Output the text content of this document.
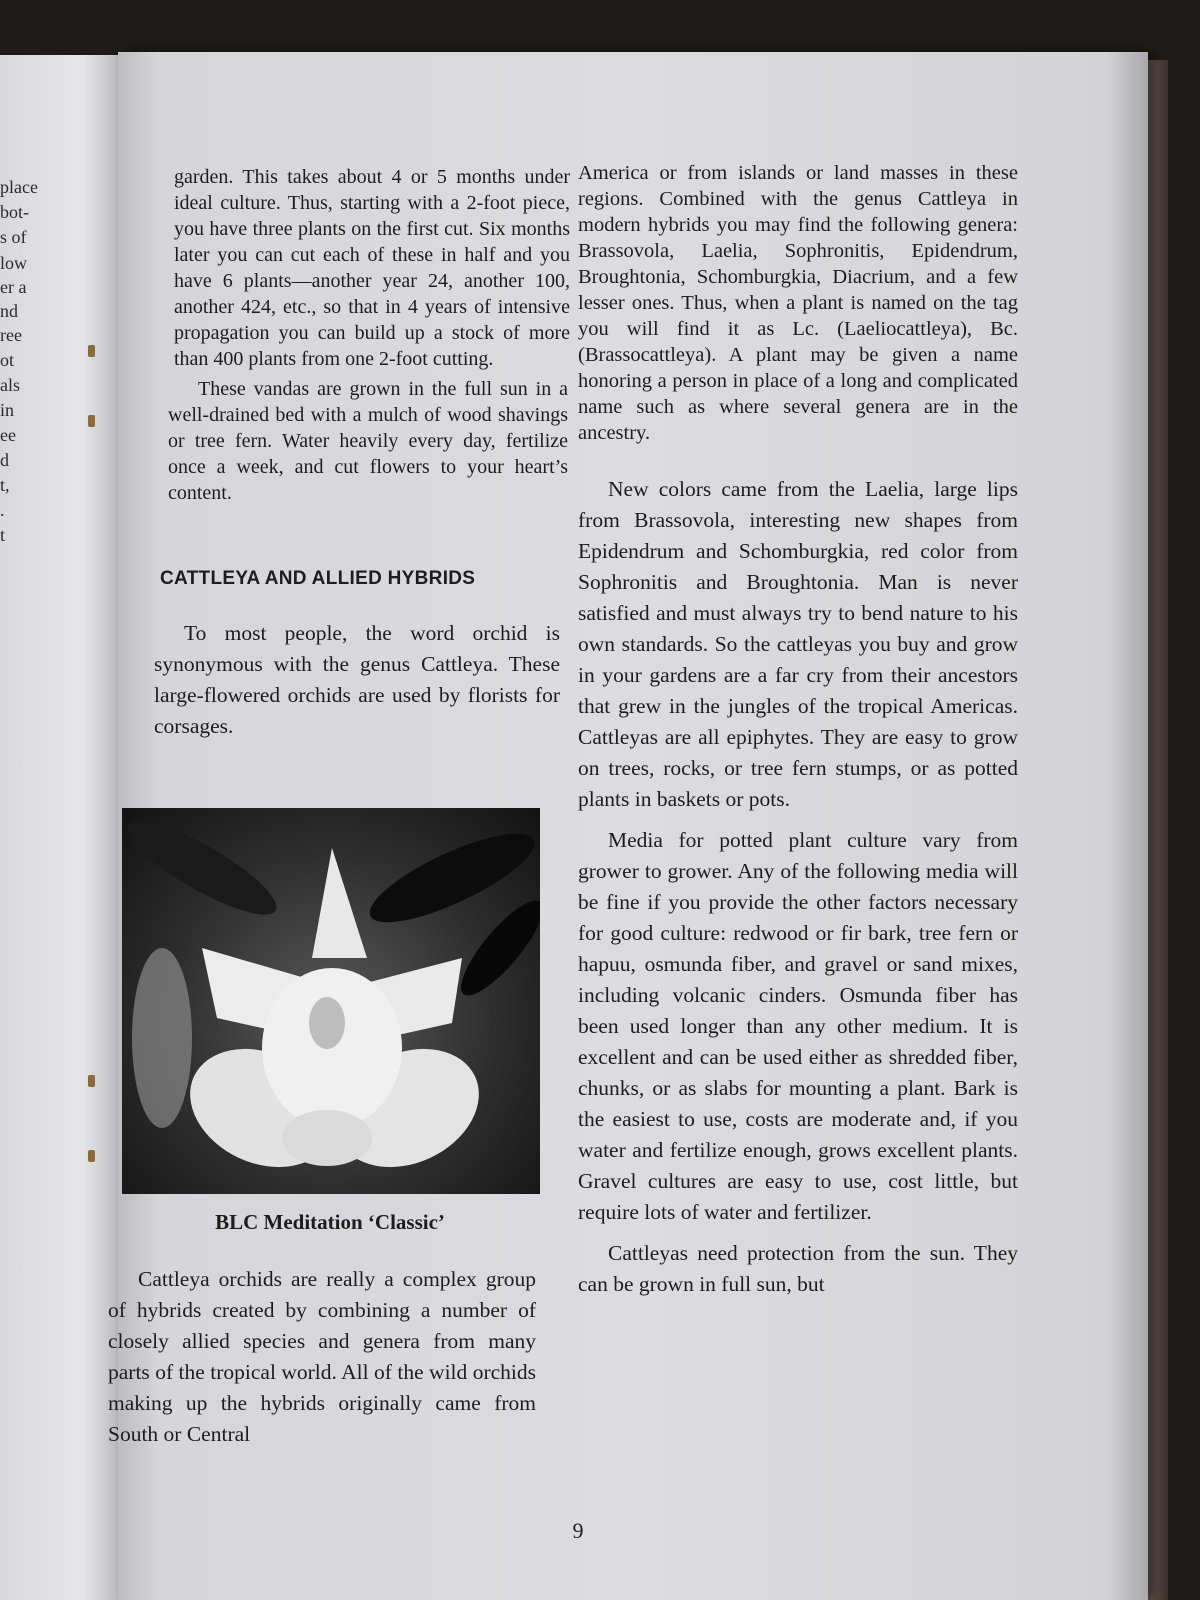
place
bot-
s of
low
er a
nd
ree
ot
als
in
ee
d
t,
.
t

garden. This takes about 4 or 5 months under ideal culture. Thus, starting with a 2-foot piece, you have three plants on the first cut. Six months later you can cut each of these in half and you have 6 plants—another year 24, another 100, another 424, etc., so that in 4 years of intensive propagation you can build up a stock of more than 400 plants from one 2-foot cutting.

These vandas are grown in the full sun in a well-drained bed with a mulch of wood shavings or tree fern. Water heavily every day, fertilize once a week, and cut flowers to your heart’s content.

CATTLEYA AND ALLIED HYBRIDS

To most people, the word orchid is synonymous with the genus Cattleya. These large-flowered orchids are used by florists for corsages.

America or from islands or land masses in these regions. Combined with the genus Cattleya in modern hybrids you may find the following genera: Brassovola, Laelia, Sophronitis, Epidendrum, Broughtonia, Schomburgkia, Diacrium, and a few lesser ones. Thus, when a plant is named on the tag you will find it as Lc. (Laeliocattleya), Bc. (Brassocattleya). A plant may be given a name honoring a person in place of a long and complicated name such as where several genera are in the ancestry.

New colors came from the Laelia, large lips from Brassovola, interesting new shapes from Epidendrum and Schomburgkia, red color from Sophronitis and Broughtonia. Man is never satisfied and must always try to bend nature to his own standards. So the cattleyas you buy and grow in your gardens are a far cry from their ancestors that grew in the jungles of the tropical Americas. Cattleyas are all epiphytes. They are easy to grow on trees, rocks, or tree fern stumps, or as potted plants in baskets or pots.

Media for potted plant culture vary from grower to grower. Any of the following media will be fine if you provide the other factors necessary for good culture: redwood or fir bark, tree fern or hapuu, osmunda fiber, and gravel or sand mixes, including volcanic cinders. Osmunda fiber has been used longer than any other medium. It is excellent and can be used either as shredded fiber, chunks, or as slabs for mounting a plant. Bark is the easiest to use, costs are moderate and, if you water and fertilize enough, grows excellent plants. Gravel cultures are easy to use, cost little, but require lots of water and fertilizer.

Cattleyas need protection from the sun. They can be grown in full sun, but

Cattleya orchids are really a complex group of hybrids created by combining a number of closely allied species and genera from many parts of the tropical world. All of the wild orchids making up the hybrids originally came from South or Central

9
BLC Meditation ‘Classic’
